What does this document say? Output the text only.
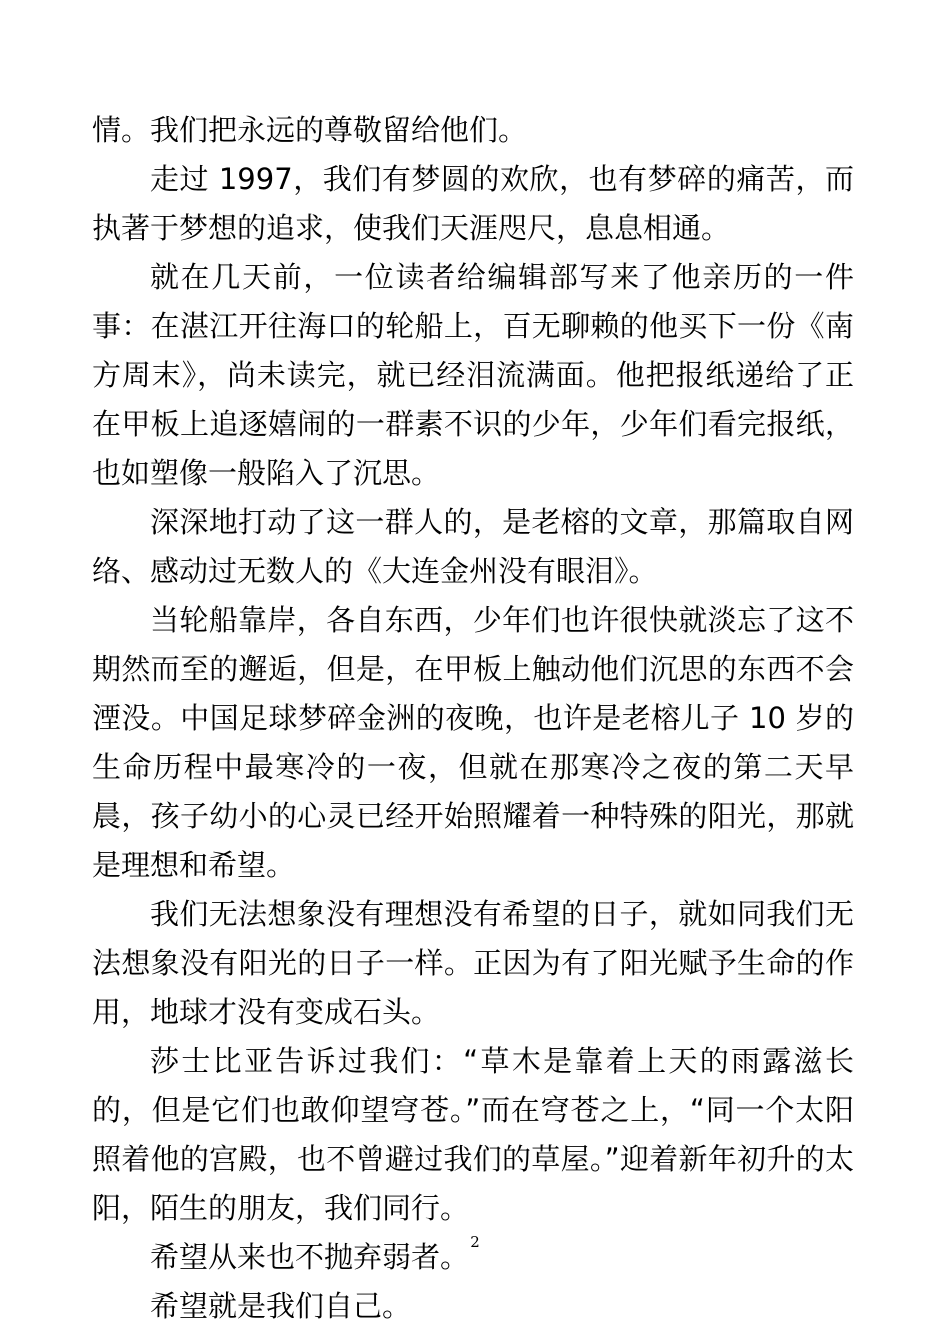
情。我们把永远的尊敬留给他们。

走过 1997，我们有梦圆的欢欣，也有梦碎的痛苦，而执著于梦想的追求，使我们天涯咫尺，息息相通。

就在几天前，一位读者给编辑部写来了他亲历的一件事：在湛江开往海口的轮船上，百无聊赖的他买下一份《南方周末》，尚未读完，就已经泪流满面。他把报纸递给了正在甲板上追逐嬉闹的一群素不识的少年，少年们看完报纸，也如塑像一般陷入了沉思。

深深地打动了这一群人的，是老榕的文章，那篇取自网络、感动过无数人的《大连金州没有眼泪》。

当轮船靠岸，各自东西，少年们也许很快就淡忘了这不期然而至的邂逅，但是，在甲板上触动他们沉思的东西不会湮没。中国足球梦碎金洲的夜晚，也许是老榕儿子 10 岁的生命历程中最寒冷的一夜，但就在那寒冷之夜的第二天早晨，孩子幼小的心灵已经开始照耀着一种特殊的阳光，那就是理想和希望。

我们无法想象没有理想没有希望的日子，就如同我们无法想象没有阳光的日子一样。正因为有了阳光赋予生命的作用，地球才没有变成石头。

莎士比亚告诉过我们：“草木是靠着上天的雨露滋长的，但是它们也敢仰望穹苍。”而在穹苍之上，“同一个太阳照着他的宫殿，也不曾避过我们的草屋。”迎着新年初升的太阳，陌生的朋友，我们同行。

希望从来也不抛弃弱者。

希望就是我们自己。

2
